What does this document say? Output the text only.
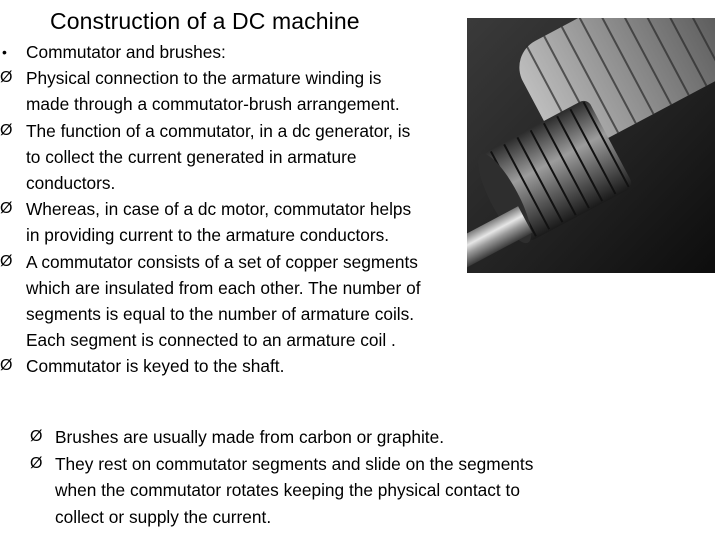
Construction of a DC machine
•	Commutator and brushes:
Ø Physical connection to the armature winding is
made through a commutator-brush arrangement.
Ø The function of a commutator, in a dc generator, is
to collect the current generated in armature
conductors.
Ø Whereas, in case of a dc motor, commutator helps
in providing current to the armature conductors.
Ø A commutator consists of a set of copper segments
which are insulated from each other. The number of
segments is equal to the number of armature coils.
Each segment is connected to an armature coil .
Ø Commutator is keyed to the shaft.
Ø Brushes are usually made from carbon or graphite.
Ø They rest on commutator segments and slide on the segments
when the commutator rotates keeping the physical contact to
collect or supply the current.
